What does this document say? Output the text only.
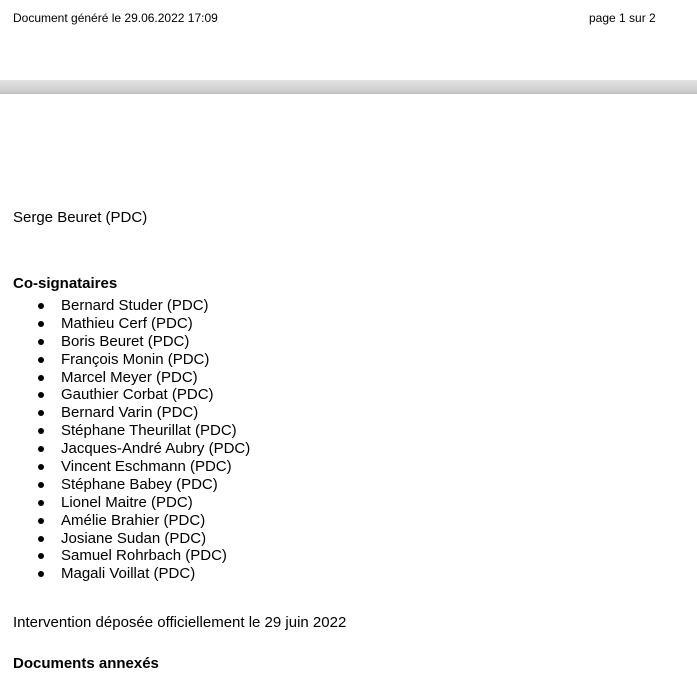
Document généré le 29.06.2022 17:09	page 1 sur 2
Serge Beuret (PDC)
Co-signataires
Bernard Studer (PDC)
Mathieu Cerf (PDC)
Boris Beuret (PDC)
François Monin (PDC)
Marcel Meyer (PDC)
Gauthier Corbat (PDC)
Bernard Varin (PDC)
Stéphane Theurillat (PDC)
Jacques-André Aubry (PDC)
Vincent Eschmann (PDC)
Stéphane Babey (PDC)
Lionel Maitre (PDC)
Amélie Brahier (PDC)
Josiane Sudan (PDC)
Samuel Rohrbach (PDC)
Magali Voillat (PDC)
Intervention déposée officiellement le 29 juin 2022
Documents annexés
